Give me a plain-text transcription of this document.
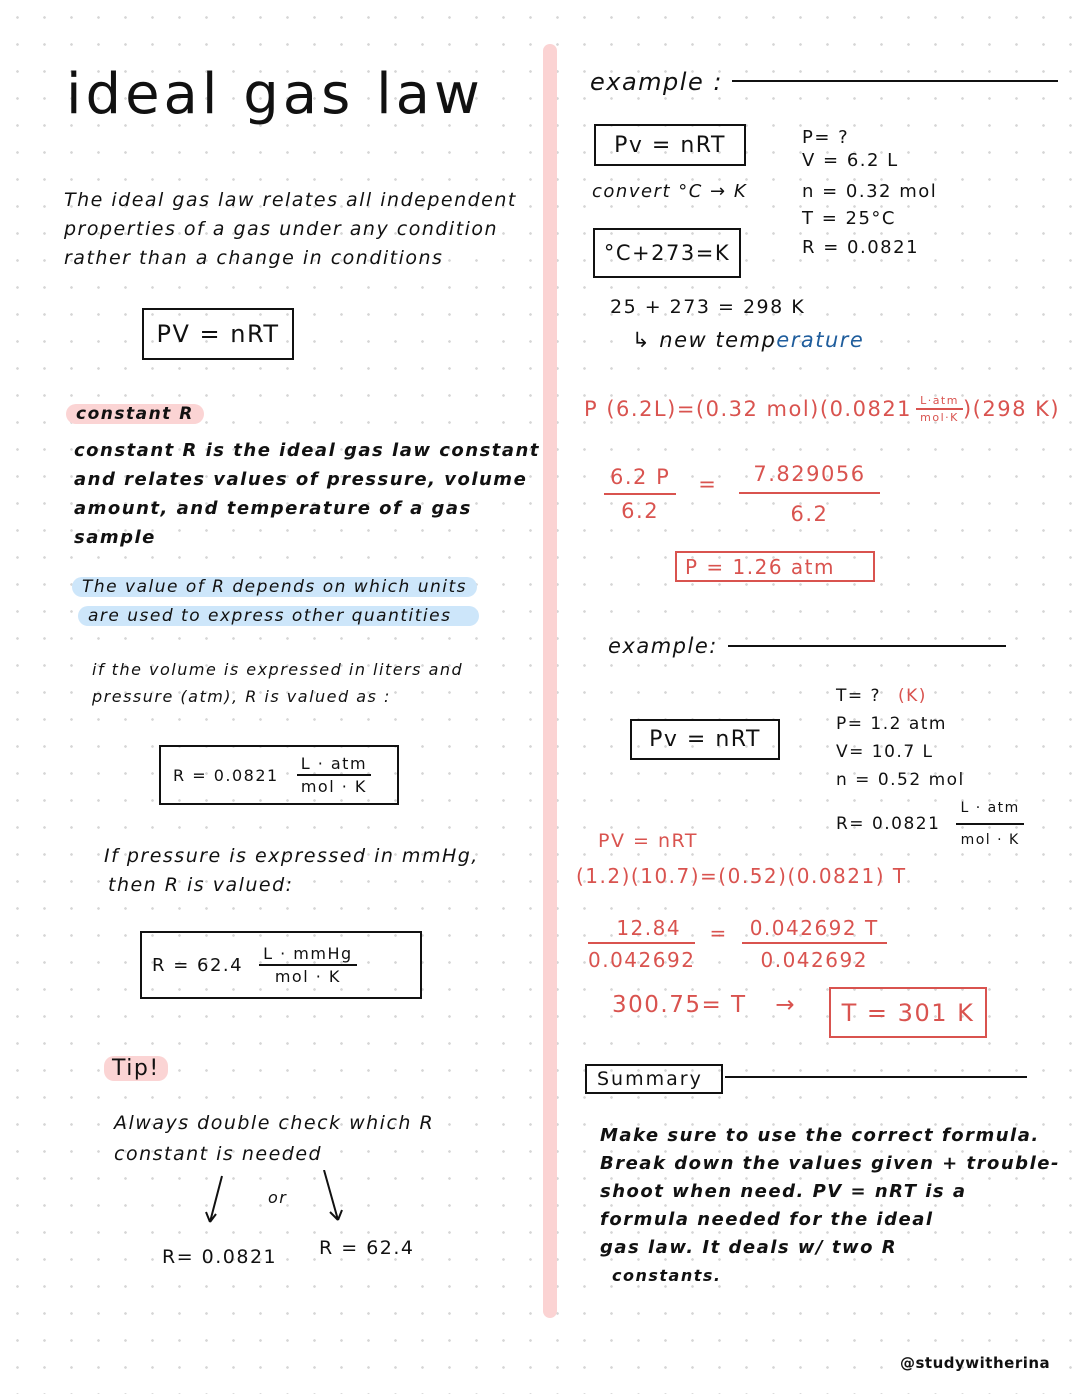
ideal gas law

The ideal gas law relates all independent

properties of a gas under any condition

rather than a change in conditions

PV = nRT
constant R

constant R is the ideal gas law constant

and relates values of pressure, volume

amount, and temperature of a gas

sample

The value of R depends on which units

are used to express other quantities

if the volume is expressed in liters and

pressure (atm), R is valued as :

$R = 0.0821 \frac{\text{L · atm}}{\text{mol · K}}$

If pressure is expressed in mmHg,

then R is valued:

$R = 62.4 \frac{\text{L · mmHg}}{\text{mol · K}}$
Tip!

Always double check which R

constant is needed

or
R= 0.0821 R = 62.4
example :
Pv = nRT
convert °C → K
°C+273=K

P= ?

V = 6.2 L

n = 0.32 mol

T = 25°C

R = 0.0821

25 + 273 = 298 K
↳ new temperature
P (6.2L)=(0.32 $mol)(0.0821 \frac{\text{L·atm}}{\text{mol·K}} )(298$ K)
$\frac{6.2 P}{6.2} = \frac{7.829056}{6.2}$
P = 1.26 atm
example:
Pv = nRT

T= ? (K)

P= 1.2 atm

V= 10.7 L

n = 0.52 mol

$R= 0.0821 \frac{\text{L · atm}}{\text{mol · K}}$

PV = nRT
(1.2)(10.7)=(0.52)(0.0821) T
$\frac{12.84}{0.042692} = \frac{0.042692 T}{0.042692}$
300.75= T → T = 301 K
Summary

Make sure to use the correct formula.

Break down the values given + trouble-

shoot when need. PV = nRT is a

formula needed for the ideal

gas law. It deals w/ two R

constants.

@studywitherina
